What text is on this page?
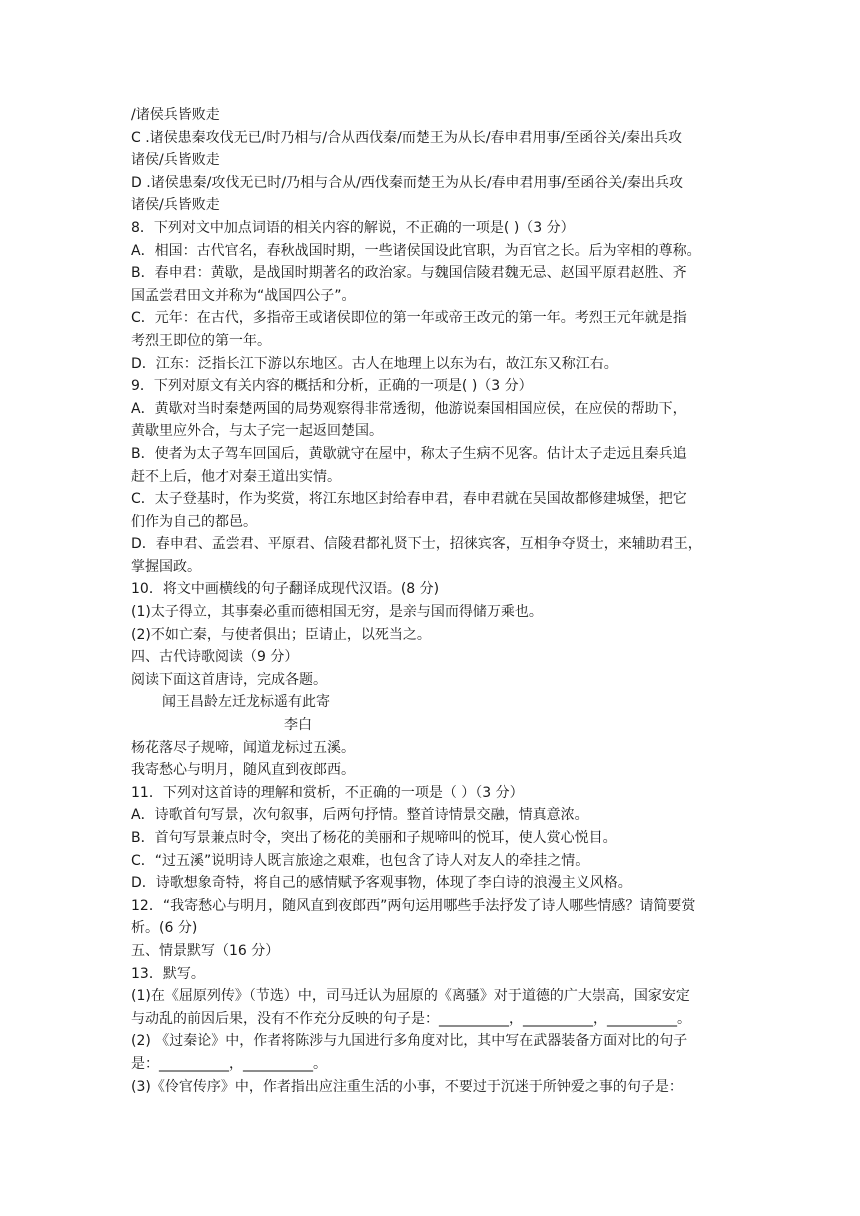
/诸侯兵皆败走
C .诸侯患秦攻伐无已/时乃相与/合从西伐秦/而楚王为从长/春申君用事/至函谷关/秦出兵攻
诸侯/兵皆败走
D .诸侯患秦/攻伐无已时/乃相与合从/西伐秦而楚王为从长/春申君用事/至函谷关/秦出兵攻
诸侯/兵皆败走
8．下列对文中加点词语的相关内容的解说，不正确的一项是( )（3 分）
A．相国：古代官名，春秋战国时期，一些诸侯国设此官职，为百官之长。后为宰相的尊称。
B．春申君：黄歇，是战国时期著名的政治家。与魏国信陵君魏无忌、赵国平原君赵胜、齐
国孟尝君田文并称为“战国四公子”。
C．元年：在古代，多指帝王或诸侯即位的第一年或帝王改元的第一年。考烈王元年就是指
考烈王即位的第一年。
D．江东：泛指长江下游以东地区。古人在地理上以东为右，故江东又称江右。
9．下列对原文有关内容的概括和分析，正确的一项是( )（3 分）
A．黄歇对当时秦楚两国的局势观察得非常透彻，他游说秦国相国应侯，在应侯的帮助下，
黄歇里应外合，与太子完一起返回楚国。
B．使者为太子驾车回国后，黄歇就守在屋中，称太子生病不见客。估计太子走远且秦兵追
赶不上后，他才对秦王道出实情。
C．太子登基时，作为奖赏，将江东地区封给春申君，春申君就在吴国故都修建城堡，把它
们作为自己的都邑。
D．春申君、孟尝君、平原君、信陵君都礼贤下士，招徕宾客，互相争夺贤士，来辅助君王，
掌握国政。
10．将文中画横线的句子翻译成现代汉语。(8 分)
(1)太子得立，其事秦必重而德相国无穷，是亲与国而得储万乘也。
(2)不如亡秦，与使者俱出；臣请止，以死当之。
四、古代诗歌阅读（9 分）
阅读下面这首唐诗，完成各题。
闻王昌龄左迁龙标遥有此寄
李白
杨花落尽子规啼，闻道龙标过五溪。
我寄愁心与明月，随风直到夜郎西。
11．下列对这首诗的理解和赏析，不正确的一项是（ ）（3 分）
A．诗歌首句写景，次句叙事，后两句抒情。整首诗情景交融，情真意浓。
B．首句写景兼点时令，突出了杨花的美丽和子规啼叫的悦耳，使人赏心悦目。
C．“过五溪”说明诗人既言旅途之艰难，也包含了诗人对友人的牵挂之情。
D．诗歌想象奇特，将自己的感情赋予客观事物，体现了李白诗的浪漫主义风格。
12．“我寄愁心与明月，随风直到夜郎西”两句运用哪些手法抒发了诗人哪些情感？请简要赏
析。(6 分)
五、情景默写（16 分）
13．默写。
(1)在《屈原列传》（节选）中，司马迁认为屈原的《离骚》对于道德的广大崇高，国家安定
与动乱的前因后果，没有不作充分反映的句子是：__________，__________，__________。
(2) 《过秦论》中，作者将陈涉与九国进行多角度对比，其中写在武器装备方面对比的句子
是：__________，__________。
(3)《伶官传序》中，作者指出应注重生活的小事，不要过于沉迷于所钟爱之事的句子是：
